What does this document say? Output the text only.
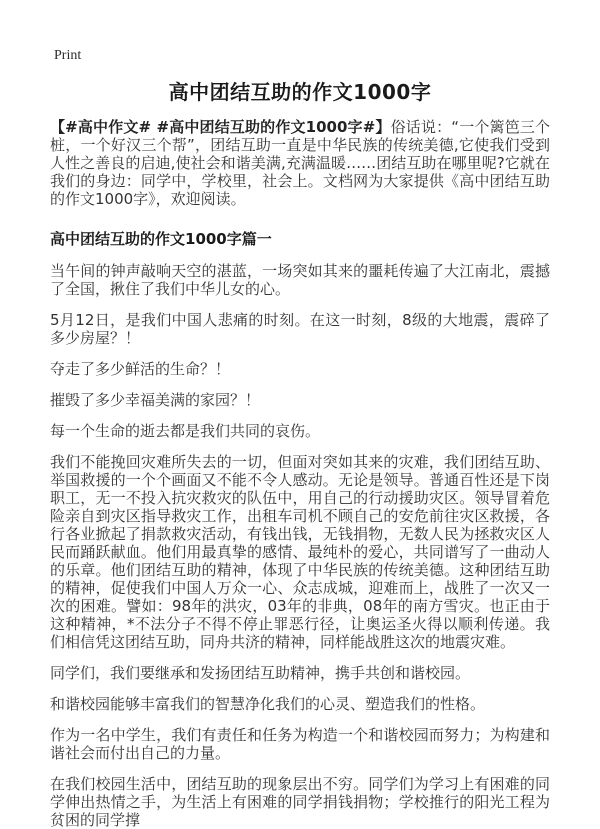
Print
高中团结互助的作文1000字

【#高中作文# #高中团结互助的作文1000字#】俗话说：“一个篱笆三个桩，一个好汉三个帮”，团结互助一直是中华民族的传统美德,它使我们受到人性之善良的启迪,使社会和谐美满,充满温暖……团结互助在哪里呢?它就在我们的身边：同学中，学校里，社会上。文档网为大家提供《高中团结互助的作文1000字》，欢迎阅读。

高中团结互助的作文1000字篇一

当午间的钟声敲响天空的湛蓝，一场突如其来的噩耗传遍了大江南北，震撼了全国，揪住了我们中华儿女的心。

5月12日，是我们中国人悲痛的时刻。在这一时刻，8级的大地震，震碎了多少房屋？！

夺走了多少鲜活的生命？！

摧毁了多少幸福美满的家园？！

每一个生命的逝去都是我们共同的哀伤。

我们不能挽回灾难所失去的一切，但面对突如其来的灾难，我们团结互助、举国救援的一个个画面又不能不令人感动。无论是领导。普通百性还是下岗职工，无一不投入抗灾救灾的队伍中，用自己的行动援助灾区。领导冒着危险亲自到灾区指导救灾工作，出租车司机不顾自己的安危前往灾区救援，各行各业掀起了捐款救灾活动，有钱出钱，无钱捐物，无数人民为拯救灾区人民而踊跃献血。他们用最真挚的感情、最纯朴的爱心，共同谱写了一曲动人的乐章。他们团结互助的精神，体现了中华民族的传统美德。这种团结互助的精神，促使我们中国人万众一心、众志成城，迎难而上，战胜了一次又一次的困难。譬如：98年的洪灾，03年的非典，08年的南方雪灾。也正由于这种精神，*不法分子不得不停止罪恶行径，让奥运圣火得以顺利传递。我们相信凭这团结互助，同舟共济的精神，同样能战胜这次的地震灾难。

同学们，我们要继承和发扬团结互助精神，携手共创和谐校园。

和谐校园能够丰富我们的智慧净化我们的心灵、塑造我们的性格。

作为一名中学生，我们有责任和任务为构造一个和谐校园而努力；为构建和谐社会而付出自己的力量。

在我们校园生活中，团结互助的现象层出不穷。同学们为学习上有困难的同学伸出热情之手，为生活上有困难的同学捐钱捐物；学校推行的阳光工程为贫困的同学撑
